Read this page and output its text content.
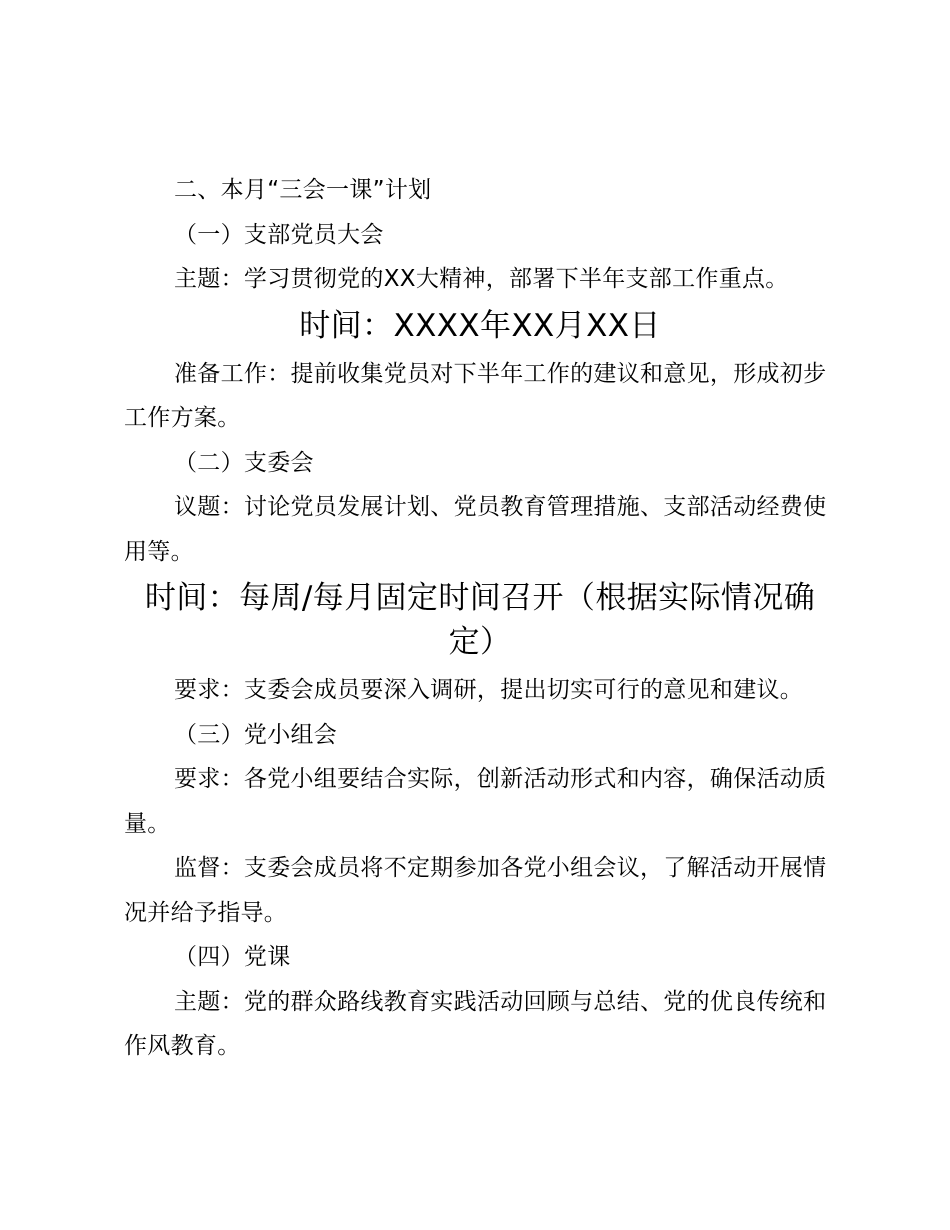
二、本月“三会一课”计划

（一）支部党员大会

主题：学习贯彻党的XX大精神，部署下半年支部工作重点。

时间：XXXX年XX月XX日

准备工作：提前收集党员对下半年工作的建议和意见，形成初步工作方案。

（二）支委会

议题：讨论党员发展计划、党员教育管理措施、支部活动经费使用等。

时间：每周/每月固定时间召开（根据实际情况确定）

要求：支委会成员要深入调研，提出切实可行的意见和建议。

（三）党小组会

要求：各党小组要结合实际，创新活动形式和内容，确保活动质量。

监督：支委会成员将不定期参加各党小组会议，了解活动开展情况并给予指导。

（四）党课

主题：党的群众路线教育实践活动回顾与总结、党的优良传统和作风教育。
